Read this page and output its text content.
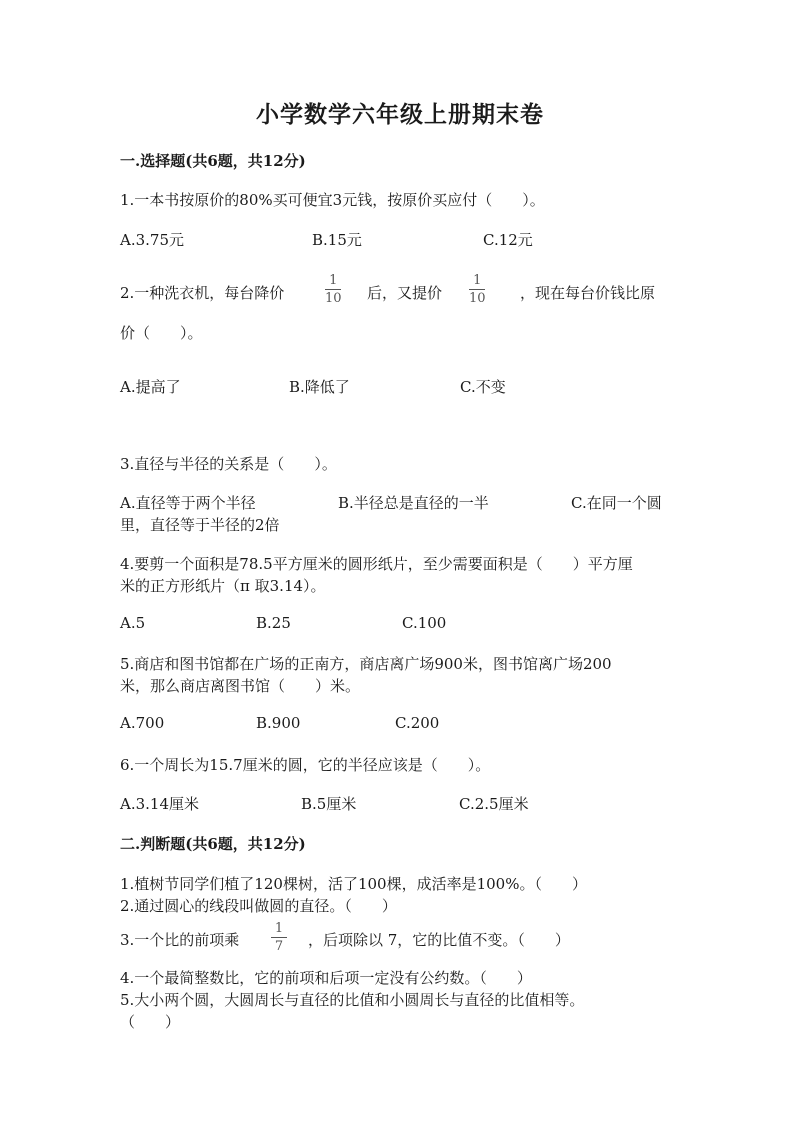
小学数学六年级上册期末卷
一.选择题(共6题，共12分)
1.一本书按原价的80%买可便宜3元钱，按原价买应付（　　）。
A.3.75元	B.15元	C.12元
2.一种洗衣机，每台降价
1
10 后，又提价
1
10 ，现在每台价钱比原
价（　　）。
A.提高了	B.降低了	C.不变
3.直径与半径的关系是（　　）。
A.直径等于两个半径	B.半径总是直径的一半	C.在同一个圆
里，直径等于半径的2倍
4.要剪一个面积是78.5平方厘米的圆形纸片，至少需要面积是（　　）平方厘
米的正方形纸片（π 取3.14）。
A.5	B.25	C.100
5.商店和图书馆都在广场的正南方，商店离广场900米，图书馆离广场200
米，那么商店离图书馆（　　）米。
A.700	B.900	C.200
6.一个周长为15.7厘米的圆，它的半径应该是（　　）。
A.3.14厘米	B.5厘米	C.2.5厘米
二.判断题(共6题，共12分)
1.植树节同学们植了120棵树，活了100棵，成活率是100%。（　　）
2.通过圆心的线段叫做圆的直径。（　　）
3.一个比的前项乘
1
7 ，后项除以 7，它的比值不变。（　　）
4.一个最简整数比，它的前项和后项一定没有公约数。（　　）
5.大小两个圆，大圆周长与直径的比值和小圆周长与直径的比值相等。
（　　）
